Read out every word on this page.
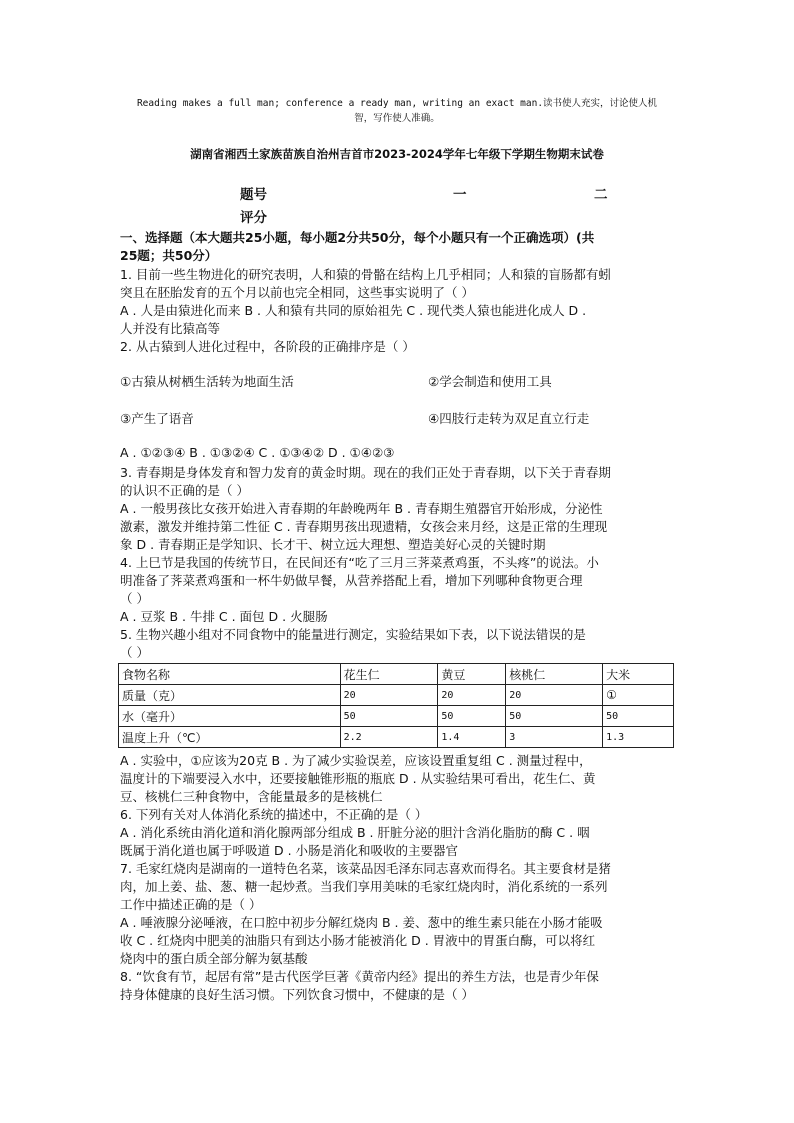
Reading makes a full man; conference a ready man, writing an exact man.读书使人充实，讨论使人机智，写作使人准确。
湖南省湘西土家族苗族自治州吉首市2023-2024学年七年级下学期生物期末试卷
题号	一	二
评分
一、选择题（本大题共25小题，每小题2分共50分，每个小题只有一个正确选项）(共
25题；共50分）
1. 目前一些生物进化的研究表明，人和猿的骨骼在结构上几乎相同；人和猿的盲肠都有蚓
突且在胚胎发育的五个月以前也完全相同，这些事实说明了（ ）
A . 人是由猿进化而来 B . 人和猿有共同的原始祖先 C . 现代类人猿也能进化成人 D .
人并没有比猿高等
2. 从古猿到人进化过程中，各阶段的正确排序是（ ）
①古猿从树栖生活转为地面生活	②学会制造和使用工具
③产生了语音	④四肢行走转为双足直立行走
A . ①②③④ B . ①③②④ C . ①③④② D . ①④②③
3. 青春期是身体发育和智力发育的黄金时期。现在的我们正处于青春期，以下关于青春期
的认识不正确的是（ ）
A . 一般男孩比女孩开始进入青春期的年龄晚两年 B . 青春期生殖器官开始形成，分泌性
激素，激发并维持第二性征 C . 青春期男孩出现遗精，女孩会来月经，这是正常的生理现
象 D . 青春期正是学知识、长才干、树立远大理想、塑造美好心灵的关键时期
4. 上巳节是我国的传统节日，在民间还有“吃了三月三荠菜煮鸡蛋，不头疼”的说法。小
明准备了荠菜煮鸡蛋和一杯牛奶做早餐，从营养搭配上看，增加下列哪种食物更合理
（ ）
A . 豆浆 B . 牛排 C . 面包 D . 火腿肠
5. 生物兴趣小组对不同食物中的能量进行测定，实验结果如下表，以下说法错误的是
（ ）
食物名称	花生仁	黄豆	核桃仁	大米
质量（克）	20	20	20	①
水（毫升）	50	50	50	50
温度上升（℃）	2.2	1.4	3	1.3
A . 实验中，①应该为20克 B . 为了减少实验误差，应该设置重复组 C . 测量过程中，
温度计的下端要浸入水中，还要接触锥形瓶的瓶底 D . 从实验结果可看出，花生仁、黄
豆、核桃仁三种食物中，含能量最多的是核桃仁
6. 下列有关对人体消化系统的描述中，不正确的是（ ）
A . 消化系统由消化道和消化腺两部分组成 B . 肝脏分泌的胆汁含消化脂肪的酶 C . 咽
既属于消化道也属于呼吸道 D . 小肠是消化和吸收的主要器官
7. 毛家红烧肉是湖南的一道特色名菜，该菜品因毛泽东同志喜欢而得名。其主要食材是猪
肉，加上姜、盐、葱、糖一起炒煮。当我们享用美味的毛家红烧肉时，消化系统的一系列
工作中描述正确的是（ ）
A . 唾液腺分泌唾液，在口腔中初步分解红烧肉 B . 姜、葱中的维生素只能在小肠才能吸
收 C . 红烧肉中肥美的油脂只有到达小肠才能被消化 D . 胃液中的胃蛋白酶，可以将红
烧肉中的蛋白质全部分解为氨基酸
8. “饮食有节，起居有常”是古代医学巨著《黄帝内经》提出的养生方法，也是青少年保
持身体健康的良好生活习惯。下列饮食习惯中，不健康的是（ ）
